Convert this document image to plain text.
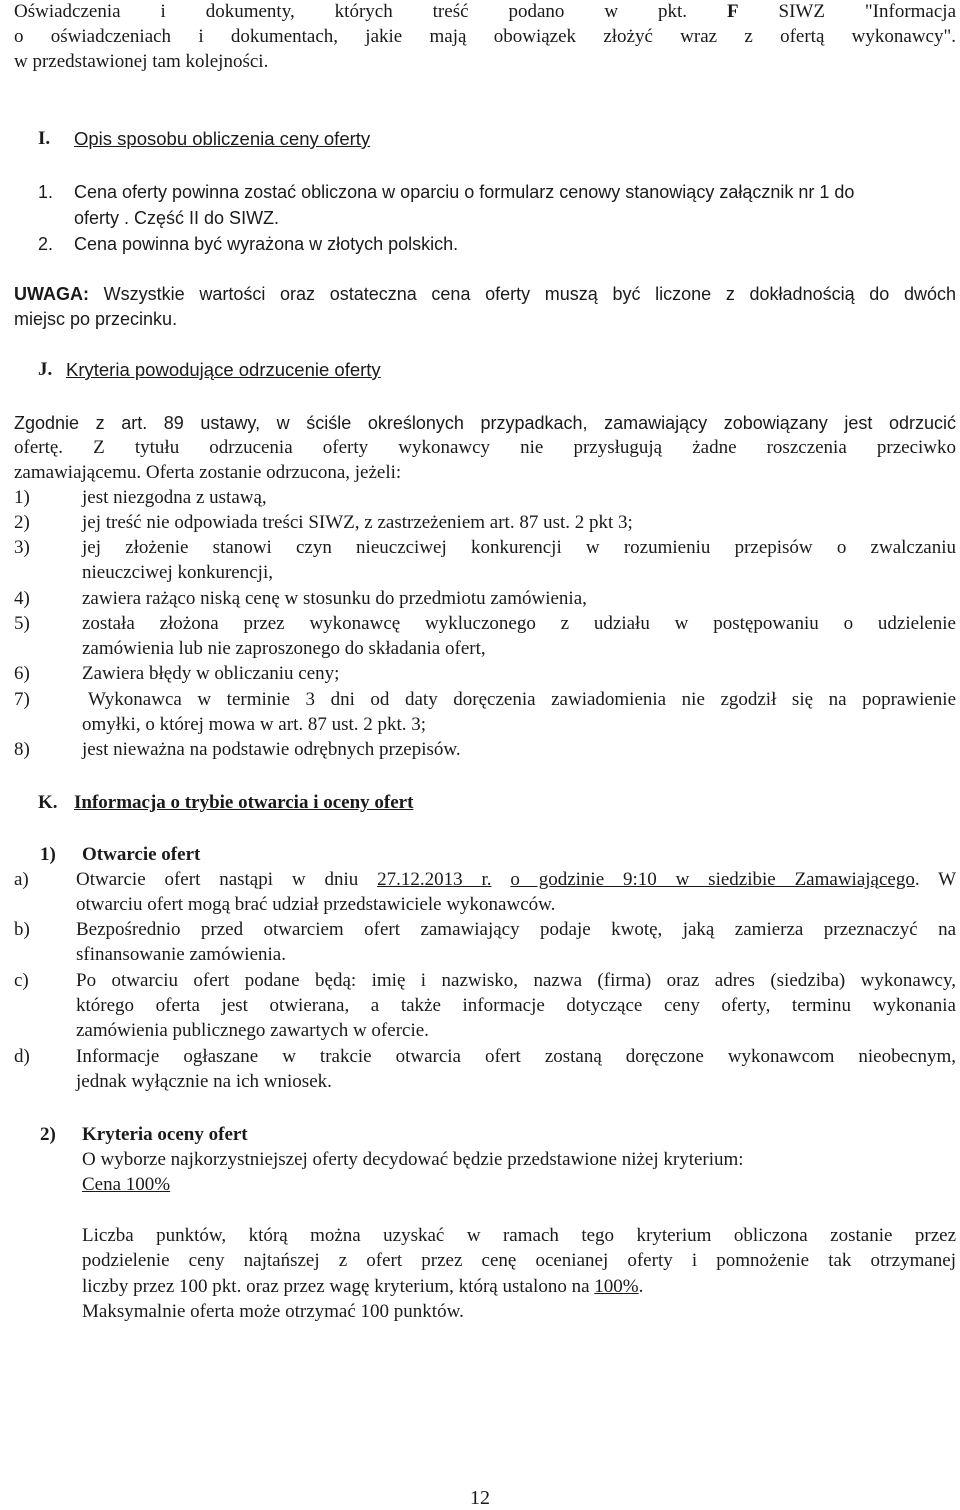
Oświadczenia i dokumenty, których treść podano w pkt. F SIWZ "Informacja
o oświadczeniach i dokumentach, jakie mają obowiązek złożyć wraz z ofertą wykonawcy".
w przedstawionej tam kolejności.
I. Opis sposobu obliczenia ceny oferty
1. Cena oferty powinna zostać obliczona w oparciu o formularz cenowy stanowiący załącznik nr 1 do
oferty . Część II do SIWZ.
2. Cena powinna być wyrażona w złotych polskich.
UWAGA: Wszystkie wartości oraz ostateczna cena oferty muszą być liczone z dokładnością do dwóch
miejsc po przecinku.
J. Kryteria powodujące odrzucenie oferty
Zgodnie z art. 89 ustawy, w ściśle określonych przypadkach, zamawiający zobowiązany jest odrzucić
ofertę. Z tytułu odrzucenia oferty wykonawcy nie przysługują żadne roszczenia przeciwko
zamawiającemu. Oferta zostanie odrzucona, jeżeli:
1)	jest niezgodna z ustawą,
2)	jej treść nie odpowiada treści SIWZ, z zastrzeżeniem art. 87 ust. 2 pkt 3;
3)	jej złożenie stanowi czyn nieuczciwej konkurencji w rozumieniu przepisów o zwalczaniu
nieuczciwej konkurencji,
4)	zawiera rażąco niską cenę w stosunku do przedmiotu zamówienia,
5)	została złożona przez wykonawcę wykluczonego z udziału w postępowaniu o udzielenie
zamówienia lub nie zaproszonego do składania ofert,
6)	Zawiera błędy w obliczaniu ceny;
7)	Wykonawca w terminie 3 dni od daty doręczenia zawiadomienia nie zgodził się na poprawienie
omyłki, o której mowa w art. 87 ust. 2 pkt. 3;
8)	jest nieważna na podstawie odrębnych przepisów.
K. Informacja o trybie otwarcia i oceny ofert
1) Otwarcie ofert
a) Otwarcie ofert nastąpi w dniu 27.12.2013 r. o godzinie 9:10 w siedzibie Zamawiającego. W
otwarciu ofert mogą brać udział przedstawiciele wykonawców.
b) Bezpośrednio przed otwarciem ofert zamawiający podaje kwotę, jaką zamierza przeznaczyć na
sfinansowanie zamówienia.
c) Po otwarciu ofert podane będą: imię i nazwisko, nazwa (firma) oraz adres (siedziba) wykonawcy,
którego oferta jest otwierana, a także informacje dotyczące ceny oferty, terminu wykonania
zamówienia publicznego zawartych w ofercie.
d) Informacje ogłaszane w trakcie otwarcia ofert zostaną doręczone wykonawcom nieobecnym,
jednak wyłącznie na ich wniosek.
2) Kryteria oceny ofert
O wyborze najkorzystniejszej oferty decydować będzie przedstawione niżej kryterium:
Cena 100%
Liczba punktów, którą można uzyskać w ramach tego kryterium obliczona zostanie przez
podzielenie ceny najtańszej z ofert przez cenę ocenianej oferty i pomnożenie tak otrzymanej
liczby przez 100 pkt. oraz przez wagę kryterium, którą ustalono na 100%.
Maksymalnie oferta może otrzymać 100 punktów.
12
